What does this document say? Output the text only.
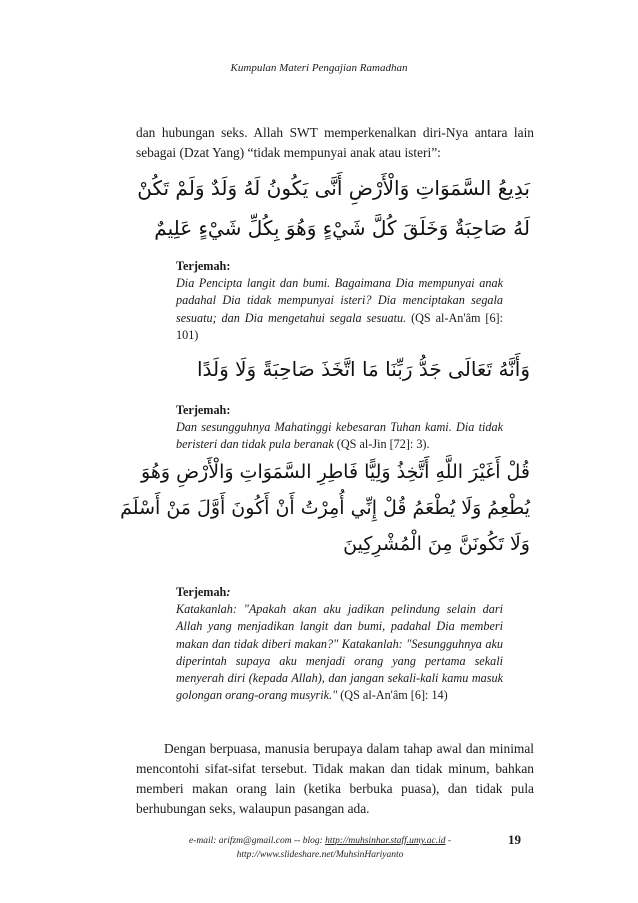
Kumpulan Materi Pengajian Ramadhan
dan hubungan seks. Allah SWT memperkenalkan diri-Nya antara lain sebagai (Dzat Yang) “tidak mempunyai anak atau isteri”:
بَدِيعُ السَّمَوَاتِ وَالْأَرْضِ أَنَّى يَكُونُ لَهُ وَلَدٌ وَلَمْ تَكُنْ
لَهُ صَاحِبَةٌ وَخَلَقَ كُلَّ شَيْءٍ وَهُوَ بِكُلِّ شَيْءٍ عَلِيمٌ
Terjemah:
Dia Pencipta langit dan bumi. Bagaimana Dia mempunyai anak padahal Dia tidak mempunyai isteri? Dia menciptakan segala sesuatu; dan Dia mengetahui segala sesuatu. (QS al-An'âm [6]: 101)
وَأَنَّهُ تَعَالَى جَدُّ رَبِّنَا مَا اتَّخَذَ صَاحِبَةً وَلَا وَلَدًا
Terjemah:
Dan sesungguhnya Mahatinggi kebesaran Tuhan kami. Dia tidak beristeri dan tidak pula beranak (QS al-Jin [72]: 3).
قُلْ أَغَيْرَ اللَّهِ أَتَّخِذُ وَلِيًّا فَاطِرِ السَّمَوَاتِ وَالْأَرْضِ وَهُوَ
يُطْعِمُ وَلَا يُطْعَمُ قُلْ إِنِّي أُمِرْتُ أَنْ أَكُونَ أَوَّلَ مَنْ أَسْلَمَ
وَلَا تَكُونَنَّ مِنَ الْمُشْرِكِينَ
Terjemah:
Katakanlah: "Apakah akan aku jadikan pelindung selain dari Allah yang menjadikan langit dan bumi, padahal Dia memberi makan dan tidak diberi makan?" Katakanlah: "Sesungguhnya aku diperintah supaya aku menjadi orang yang pertama sekali menyerah diri (kepada Allah), dan jangan sekali-kali kamu masuk golongan orang-orang musyrik." (QS al-An'âm [6]: 14)
Dengan berpuasa, manusia berupaya dalam tahap awal dan minimal mencontohi sifat-sifat tersebut. Tidak makan dan tidak minum, bahkan memberi makan orang lain (ketika berbuka puasa), dan tidak pula berhubungan seks, walaupun pasangan ada.
e-mail: arifzm@gmail.com -- blog: http://muhsinhar.staff.umy.ac.id -
http://www.slideshare.net/MuhsinHariyanto
19
